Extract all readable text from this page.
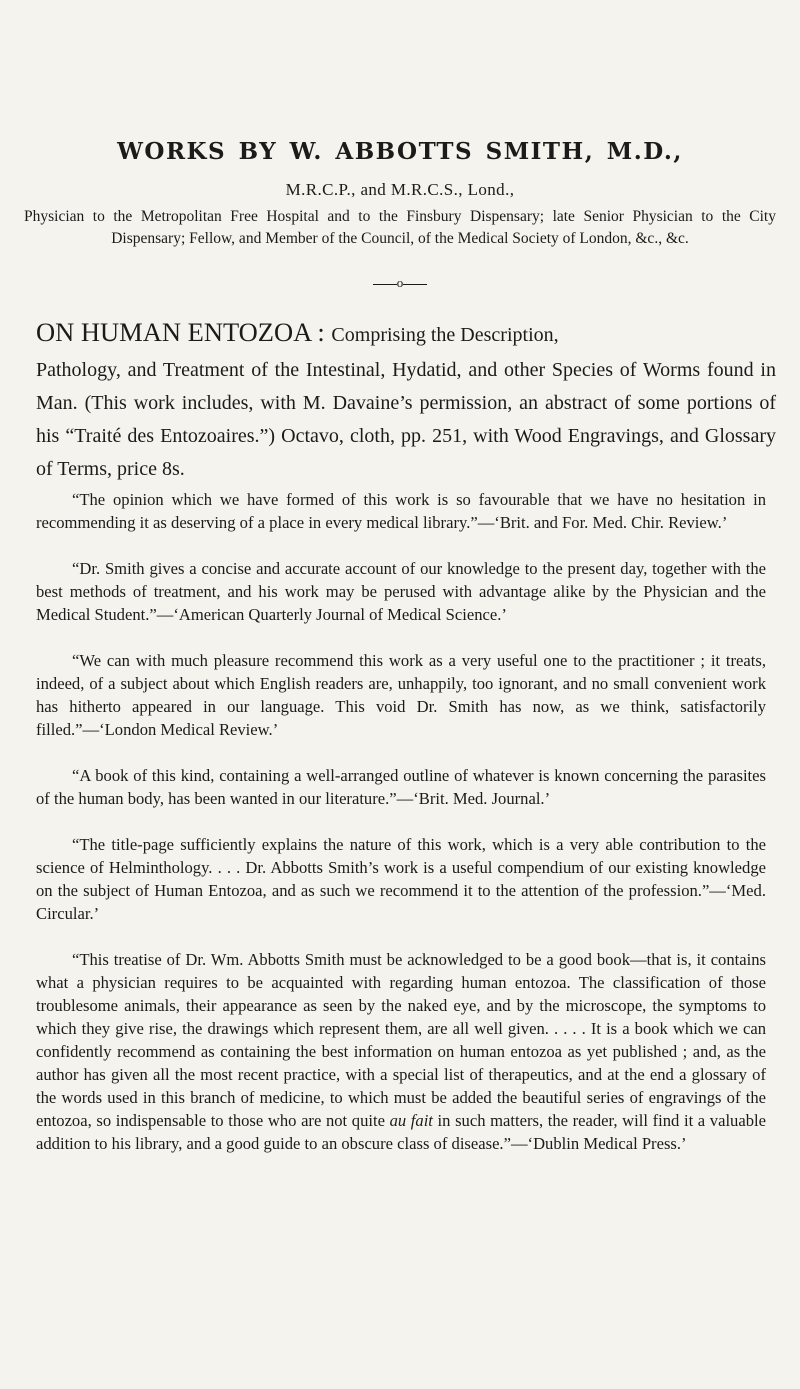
WORKS BY W. ABBOTTS SMITH, M.D.,
M.R.C.P., and M.R.C.S., Lond.,
Physician to the Metropolitan Free Hospital and to the Finsbury Dispensary; late Senior Physician to the City Dispensary; Fellow, and Member of the Council, of the Medical Society of London, &c., &c.
o
ON HUMAN ENTOZOA : Comprising the Description,
Pathology, and Treatment of the Intestinal, Hydatid, and other Species of Worms found in Man. (This work includes, with M. Davaine’s permission, an abstract of some portions of his “Traité des Entozoaires.”) Octavo, cloth, pp. 251, with Wood Engravings, and Glossary of Terms, price 8s.

“The opinion which we have formed of this work is so favourable that we have no hesitation in recommending it as deserving of a place in every medical library.”—‘Brit. and For. Med. Chir. Review.’

“Dr. Smith gives a concise and accurate account of our knowledge to the present day, together with the best methods of treatment, and his work may be perused with advantage alike by the Physician and the Medical Student.”—‘American Quarterly Journal of Medical Science.’

“We can with much pleasure recommend this work as a very useful one to the practitioner ; it treats, indeed, of a subject about which English readers are, unhappily, too ignorant, and no small convenient work has hitherto appeared in our language. This void Dr. Smith has now, as we think, satisfactorily filled.”—‘London Medical Review.’

“A book of this kind, containing a well-arranged outline of whatever is known concerning the parasites of the human body, has been wanted in our literature.”—‘Brit. Med. Journal.’

“The title-page sufficiently explains the nature of this work, which is a very able contribution to the science of Helminthology. . . . Dr. Abbotts Smith’s work is a useful compendium of our existing knowledge on the subject of Human Entozoa, and as such we recommend it to the attention of the profession.”—‘Med. Circular.’

“This treatise of Dr. Wm. Abbotts Smith must be acknowledged to be a good book—that is, it contains what a physician requires to be acquainted with regarding human entozoa. The classification of those troublesome animals, their appearance as seen by the naked eye, and by the microscope, the symptoms to which they give rise, the drawings which represent them, are all well given. . . . . It is a book which we can confidently recommend as containing the best information on human entozoa as yet published ; and, as the author has given all the most recent practice, with a special list of therapeutics, and at the end a glossary of the words used in this branch of medicine, to which must be added the beautiful series of engravings of the entozoa, so indispensable to those who are not quite au fait in such matters, the reader, will find it a valuable addition to his library, and a good guide to an obscure class of disease.”—‘Dublin Medical Press.’
